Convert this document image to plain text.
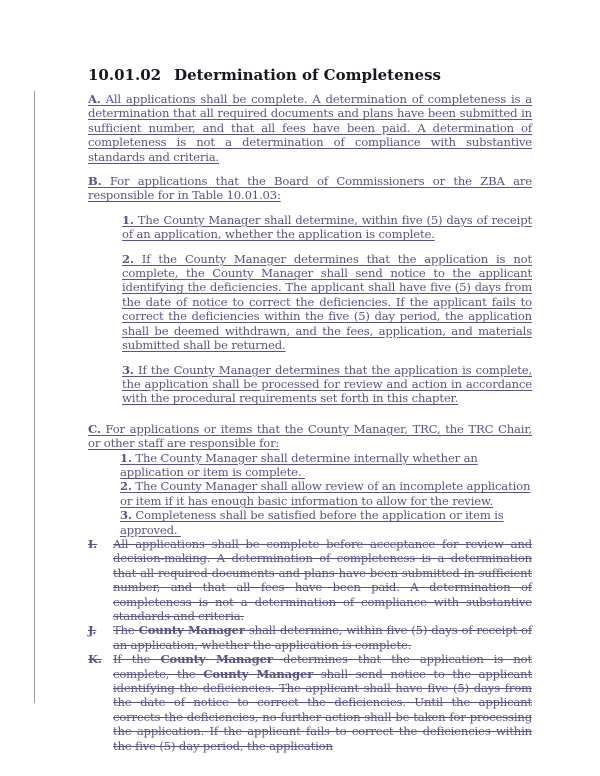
10.01.02 Determination of Completeness

A. All applications shall be complete. A determination of completeness is a determination that all required documents and plans have been submitted in sufficient number, and that all fees have been paid. A determination of completeness is not a determination of compliance with substantive standards and criteria.

B. For applications that the Board of Commissioners or the ZBA are responsible for in Table 10.01.03:

1. The County Manager shall determine, within five (5) days of receipt of an application, whether the application is complete.

2. If the County Manager determines that the application is not complete, the County Manager shall send notice to the applicant identifying the deficiencies. The applicant shall have five (5) days from the date of notice to correct the deficiencies. If the applicant fails to correct the deficiencies within the five (5) day period, the application shall be deemed withdrawn, and the fees, application, and materials submitted shall be returned.

3. If the County Manager determines that the application is complete, the application shall be processed for review and action in accordance with the procedural requirements set forth in this chapter.

C. For applications or items that the County Manager, TRC, the TRC Chair, or other staff are responsible for:

1. The County Manager shall determine internally whether an application or item is complete.

2. The County Manager shall allow review of an incomplete application or item if it has enough basic information to allow for the review.

3. Completeness shall be satisfied before the application or item is approved.

I. All applications shall be complete before acceptance for review and decision-making. A determination of completeness is a determination that all required documents and plans have been submitted in sufficient number, and that all fees have been paid. A determination of completeness is not a determination of compliance with substantive standards and criteria.

J. The County Manager shall determine, within five (5) days of receipt of an application, whether the application is complete.

K. If the County Manager determines that the application is not complete, the County Manager shall send notice to the applicant identifying the deficiencies. The applicant shall have five (5) days from the date of notice to correct the deficiencies. Until the applicant corrects the deficiencies, no further action shall be taken for processing the application. If the applicant fails to correct the deficiencies within the five (5) day period, the application
